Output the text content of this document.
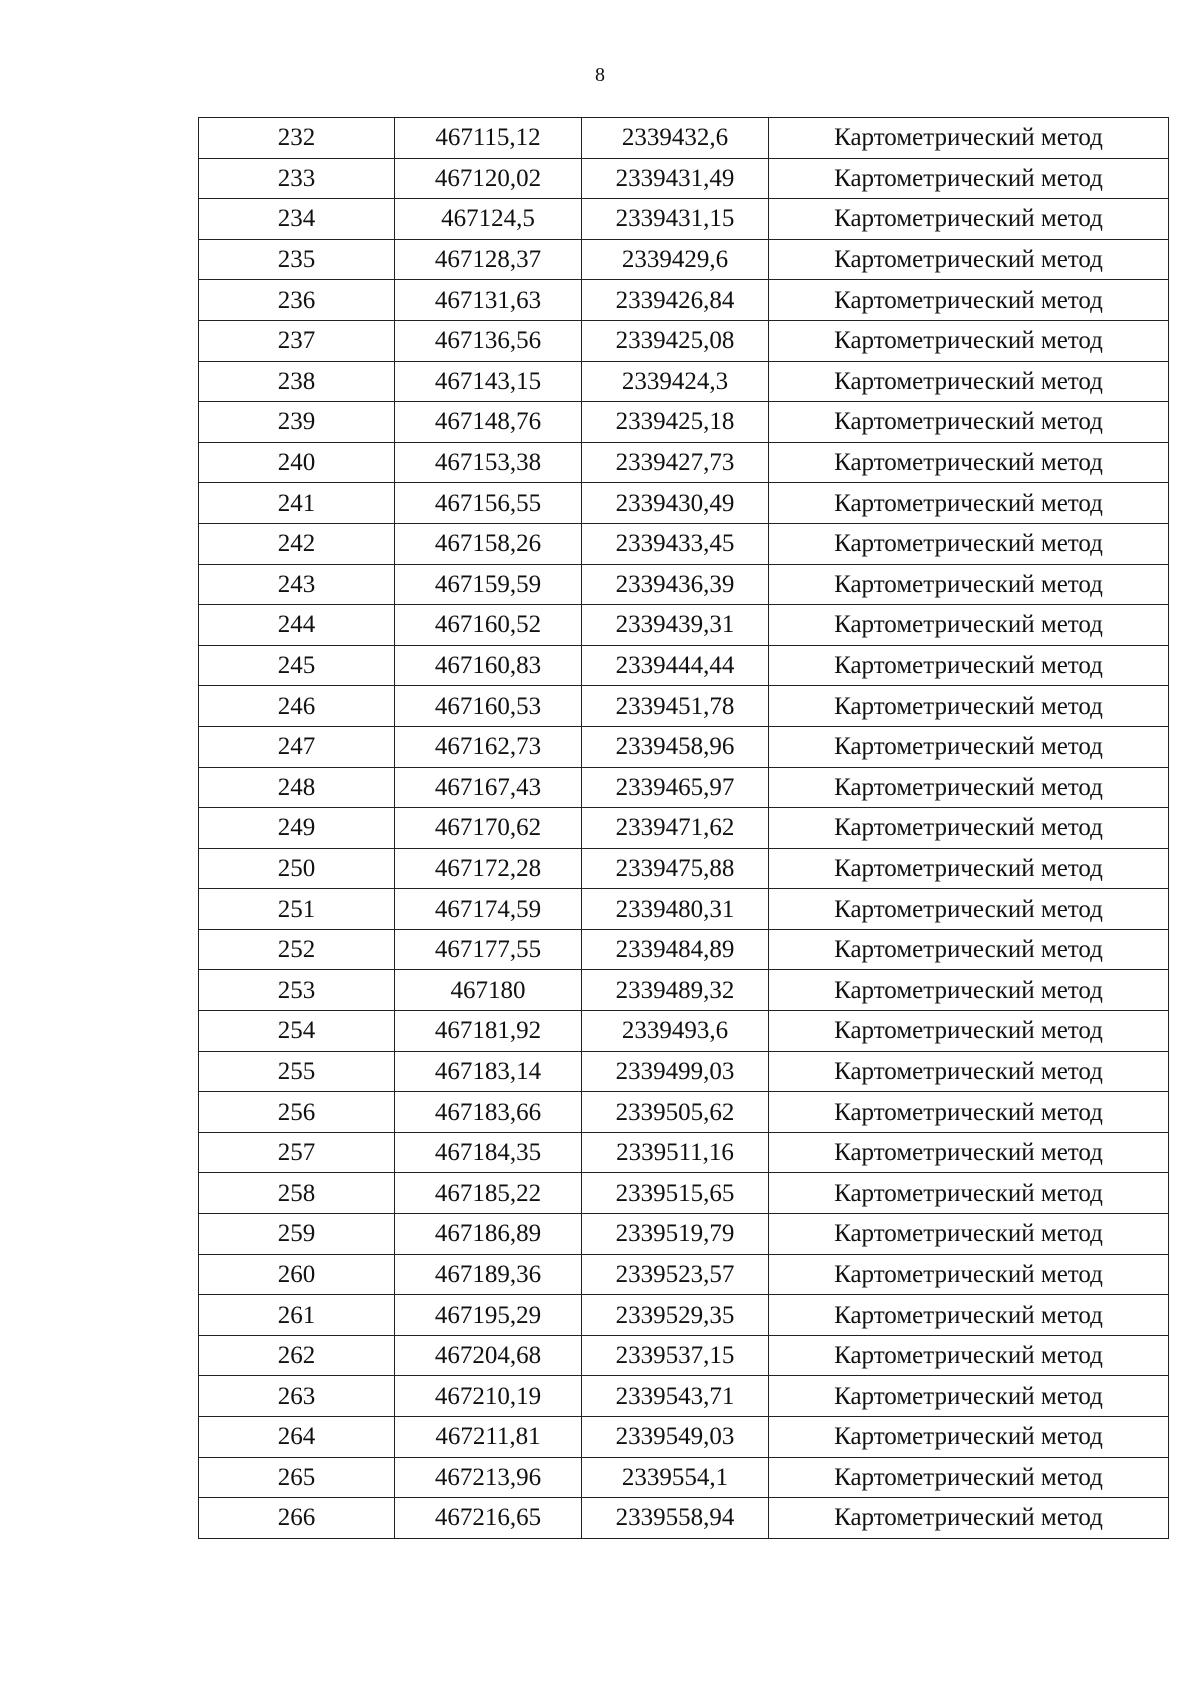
8
232	467115,12	2339432,6	Картометрический метод
233	467120,02	2339431,49	Картометрический метод
234	467124,5	2339431,15	Картометрический метод
235	467128,37	2339429,6	Картометрический метод
236	467131,63	2339426,84	Картометрический метод
237	467136,56	2339425,08	Картометрический метод
238	467143,15	2339424,3	Картометрический метод
239	467148,76	2339425,18	Картометрический метод
240	467153,38	2339427,73	Картометрический метод
241	467156,55	2339430,49	Картометрический метод
242	467158,26	2339433,45	Картометрический метод
243	467159,59	2339436,39	Картометрический метод
244	467160,52	2339439,31	Картометрический метод
245	467160,83	2339444,44	Картометрический метод
246	467160,53	2339451,78	Картометрический метод
247	467162,73	2339458,96	Картометрический метод
248	467167,43	2339465,97	Картометрический метод
249	467170,62	2339471,62	Картометрический метод
250	467172,28	2339475,88	Картометрический метод
251	467174,59	2339480,31	Картометрический метод
252	467177,55	2339484,89	Картометрический метод
253	467180	2339489,32	Картометрический метод
254	467181,92	2339493,6	Картометрический метод
255	467183,14	2339499,03	Картометрический метод
256	467183,66	2339505,62	Картометрический метод
257	467184,35	2339511,16	Картометрический метод
258	467185,22	2339515,65	Картометрический метод
259	467186,89	2339519,79	Картометрический метод
260	467189,36	2339523,57	Картометрический метод
261	467195,29	2339529,35	Картометрический метод
262	467204,68	2339537,15	Картометрический метод
263	467210,19	2339543,71	Картометрический метод
264	467211,81	2339549,03	Картометрический метод
265	467213,96	2339554,1	Картометрический метод
266	467216,65	2339558,94	Картометрический метод
